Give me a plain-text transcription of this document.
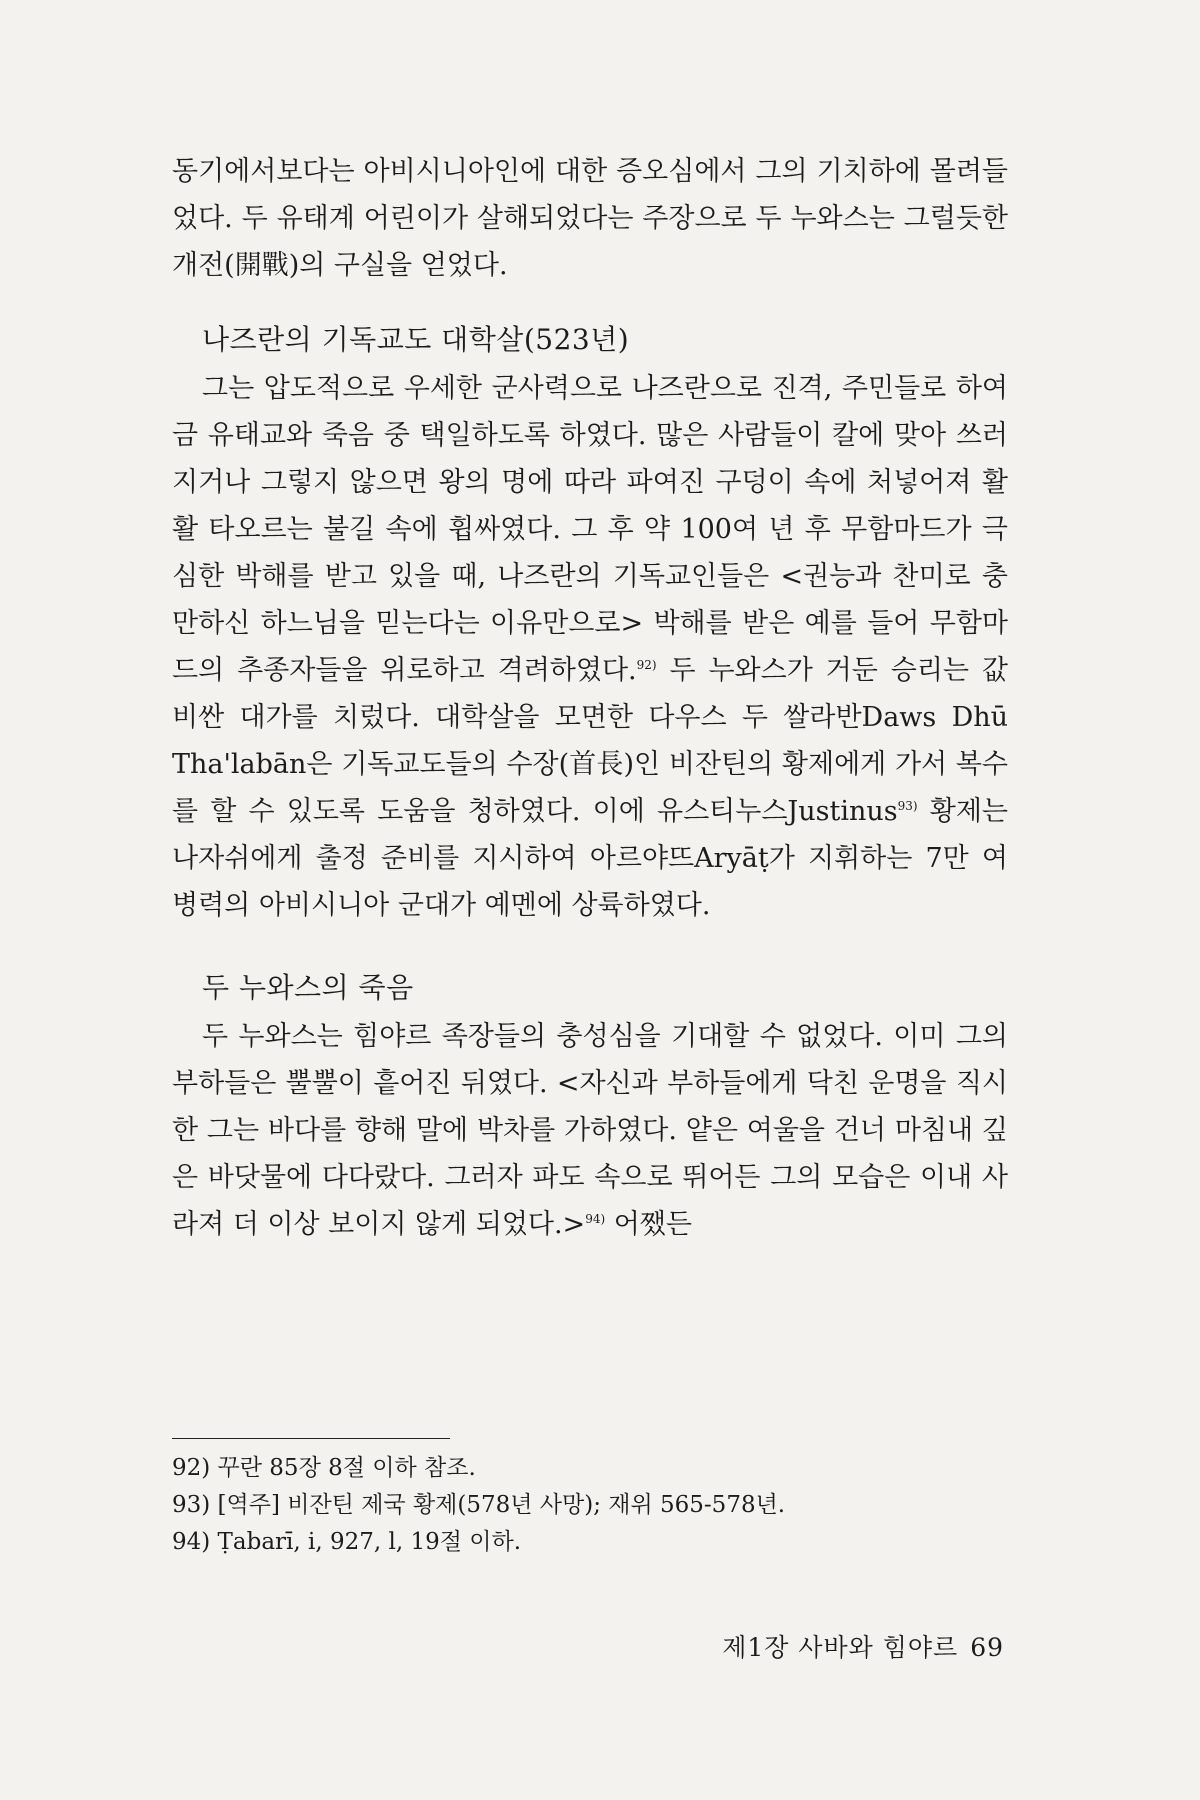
동기에서보다는 아비시니아인에 대한 증오심에서 그의 기치하에 몰려들었다. 두 유태계 어린이가 살해되었다는 주장으로 두 누와스는 그럴듯한 개전(開戰)의 구실을 얻었다.

나즈란의 기독교도 대학살(523년)

그는 압도적으로 우세한 군사력으로 나즈란으로 진격, 주민들로 하여금 유태교와 죽음 중 택일하도록 하였다. 많은 사람들이 칼에 맞아 쓰러지거나 그렇지 않으면 왕의 명에 따라 파여진 구덩이 속에 처넣어져 활활 타오르는 불길 속에 휩싸였다. 그 후 약 100여 년 후 무함마드가 극심한 박해를 받고 있을 때, 나즈란의 기독교인들은 <권능과 찬미로 충만하신 하느님을 믿는다는 이유만으로> 박해를 받은 예를 들어 무함마드의 추종자들을 위로하고 격려하였다.$^{92)}$ 두 누와스가 거둔 승리는 값 비싼 대가를 치렀다. 대학살을 모면한 다우스 두 쌀라반Daws Dhū Tha'labān은 기독교도들의 수장(首長)인 비잔틴의 황제에게 가서 복수를 할 수 있도록 도움을 청하였다. 이에 유스티누스Justinus$^{93)}$ 황제는 나자쉬에게 출정 준비를 지시하여 아르야뜨Aryāṭ가 지휘하는 7만 여 병력의 아비시니아 군대가 예멘에 상륙하였다.

두 누와스의 죽음

두 누와스는 힘야르 족장들의 충성심을 기대할 수 없었다. 이미 그의 부하들은 뿔뿔이 흩어진 뒤였다. <자신과 부하들에게 닥친 운명을 직시한 그는 바다를 향해 말에 박차를 가하였다. 얕은 여울을 건너 마침내 깊은 바닷물에 다다랐다. 그러자 파도 속으로 뛰어든 그의 모습은 이내 사라져 더 이상 보이지 않게 되었다.>$^{94)}$ 어쨌든

92) 꾸란 85장 8절 이하 참조.
93) [역주] 비잔틴 제국 황제(578년 사망); 재위 565-578년.
94) Ṭabarī, i, 927, l, 19절 이하.
제1장 사바와 힘야르 69
